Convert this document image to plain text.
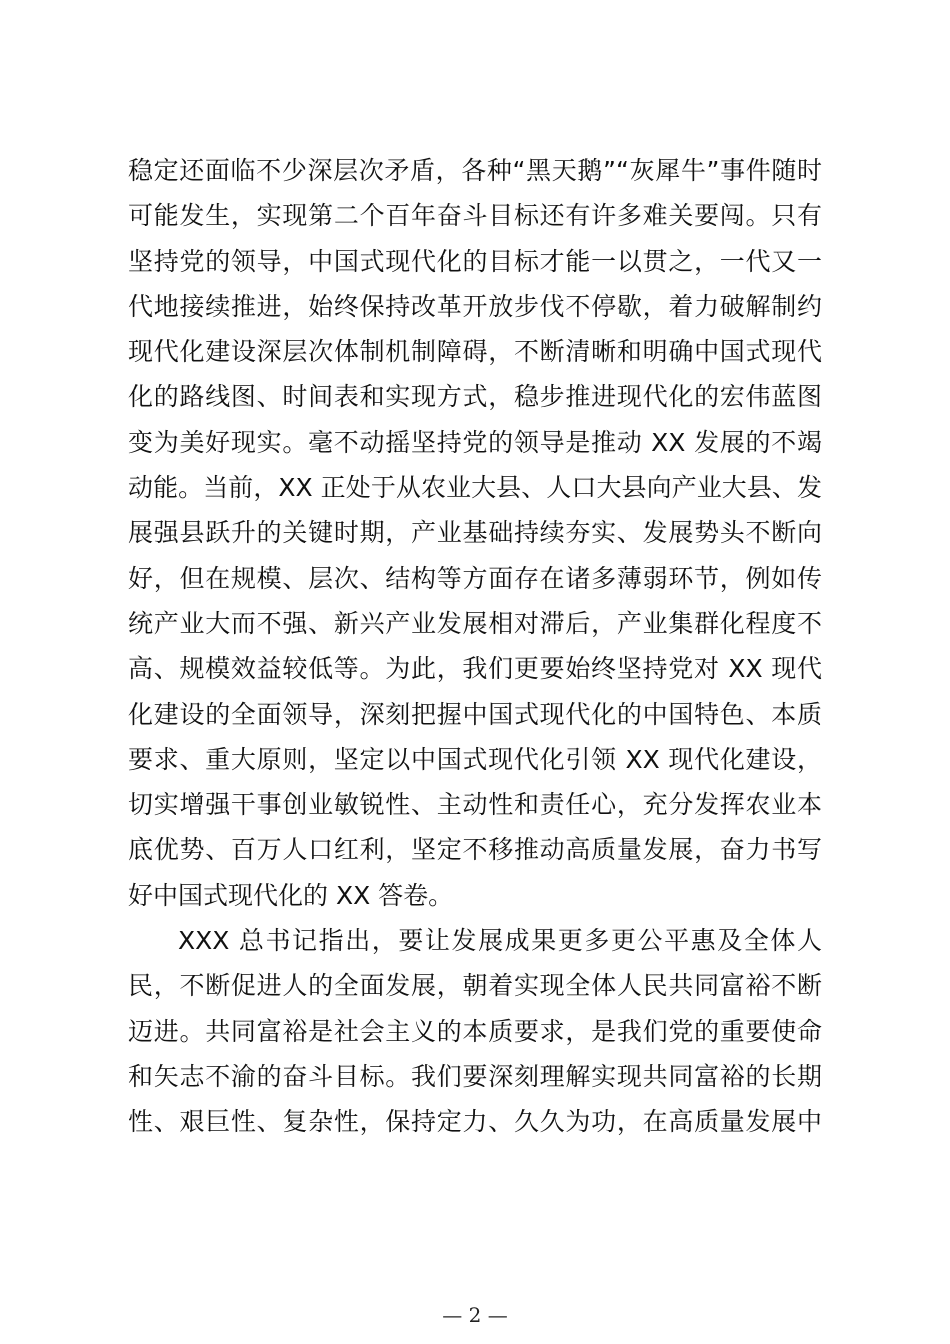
稳定还面临不少深层次矛盾，各种“黑天鹅”“灰犀牛”事件随时
可能发生，实现第二个百年奋斗目标还有许多难关要闯。只有
坚持党的领导，中国式现代化的目标才能一以贯之，一代又一
代地接续推进，始终保持改革开放步伐不停歇，着力破解制约
现代化建设深层次体制机制障碍，不断清晰和明确中国式现代
化的路线图、时间表和实现方式，稳步推进现代化的宏伟蓝图
变为美好现实。毫不动摇坚持党的领导是推动 XX 发展的不竭
动能。当前，XX 正处于从农业大县、人口大县向产业大县、发
展强县跃升的关键时期，产业基础持续夯实、发展势头不断向
好，但在规模、层次、结构等方面存在诸多薄弱环节，例如传
统产业大而不强、新兴产业发展相对滞后，产业集群化程度不
高、规模效益较低等。为此，我们更要始终坚持党对 XX 现代
化建设的全面领导，深刻把握中国式现代化的中国特色、本质
要求、重大原则，坚定以中国式现代化引领 XX 现代化建设，
切实增强干事创业敏锐性、主动性和责任心，充分发挥农业本
底优势、百万人口红利，坚定不移推动高质量发展，奋力书写
好中国式现代化的 XX 答卷。
XXX 总书记指出，要让发展成果更多更公平惠及全体人
民，不断促进人的全面发展，朝着实现全体人民共同富裕不断
迈进。共同富裕是社会主义的本质要求，是我们党的重要使命
和矢志不渝的奋斗目标。我们要深刻理解实现共同富裕的长期
性、艰巨性、复杂性，保持定力、久久为功，在高质量发展中
— 2 —
